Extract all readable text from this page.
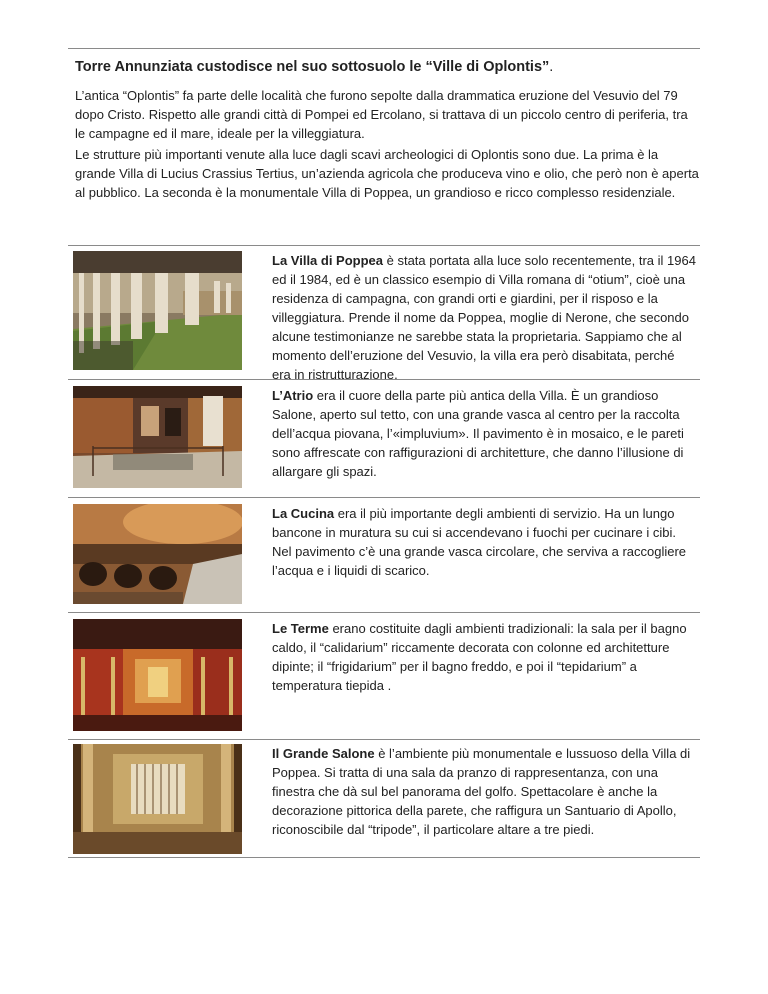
Torre Annunziata custodisce nel suo sottosuolo le “Ville di Oplontis”.
L’antica “Oplontis” fa parte delle località che furono sepolte dalla drammatica eruzione del Vesuvio del 79 dopo Cristo. Rispetto alle grandi città di Pompei ed Ercolano, si trattava di un piccolo centro di periferia, tra le campagne ed il mare, ideale per la villeggiatura.
Le strutture più importanti venute alla luce dagli scavi archeologici di Oplontis sono due. La prima è la grande Villa di Lucius Crassius Tertius, un’azienda agricola che produceva vino e olio, che però non è aperta al pubblico. La seconda è la monumentale Villa di Poppea, un grandioso e ricco complesso residenziale.
La Villa di Poppea è stata portata alla luce solo recentemente, tra il 1964 ed il 1984, ed è un classico esempio di Villa romana di “otium”, cioè una residenza di campagna, con grandi orti e giardini, per il risposo e la villeggiatura. Prende il nome da Poppea, moglie di Nerone, che secondo alcune testimonianze ne sarebbe stata la proprietaria. Sappiamo che al momento dell’eruzione del Vesuvio, la villa era però disabitata, perché era in ristrutturazione.
L’Atrio era il cuore della parte più antica della Villa. È un grandioso Salone, aperto sul tetto, con una grande vasca al centro per la raccolta dell’acqua piovana, l’«impluvium». Il pavimento è in mosaico, e le pareti sono affrescate con raffigurazioni di architetture, che danno l’illusione di allargare gli spazi.
La Cucina era il più importante degli ambienti di servizio. Ha un lungo bancone in muratura su cui si accendevano i fuochi per cucinare i cibi. Nel pavimento c’è una grande vasca circolare, che serviva a raccogliere l’acqua e i liquidi di scarico.
Le Terme erano costituite dagli ambienti tradizionali: la sala per il bagno caldo, il “calidarium” riccamente decorata con colonne ed architetture dipinte; il “frigidarium” per il bagno freddo, e poi il “tepidarium” a temperatura tiepida .
Il Grande Salone è l’ambiente più monumentale e lussuoso della Villa di Poppea. Si tratta di una sala da pranzo di rappresentanza, con una finestra che dà sul bel panorama del golfo. Spettacolare è anche la decorazione pittorica della parete, che raffigura un Santuario di Apollo, riconoscibile dal “tripode”, il particolare altare a tre piedi.
